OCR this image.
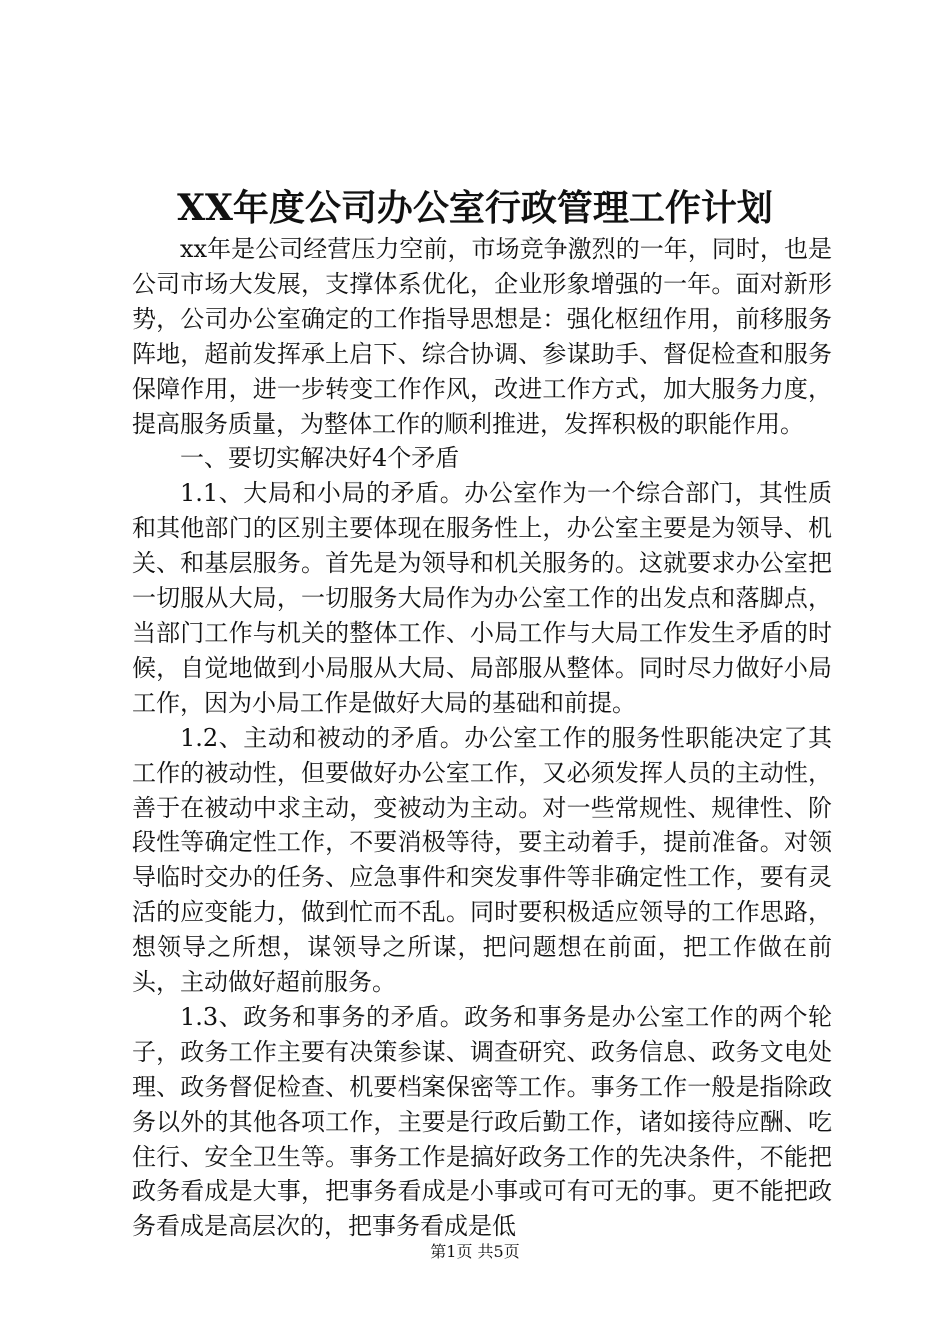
XX年度公司办公室行政管理工作计划

xx年是公司经营压力空前，市场竞争激烈的一年，同时，也是公司市场大发展，支撑体系优化，企业形象增强的一年。面对新形势，公司办公室确定的工作指导思想是：强化枢纽作用，前移服务阵地，超前发挥承上启下、综合协调、参谋助手、督促检查和服务保障作用，进一步转变工作作风，改进工作方式，加大服务力度，提高服务质量，为整体工作的顺利推进，发挥积极的职能作用。

一、要切实解决好4个矛盾

1.1、大局和小局的矛盾。办公室作为一个综合部门，其性质和其他部门的区别主要体现在服务性上，办公室主要是为领导、机关、和基层服务。首先是为领导和机关服务的。这就要求办公室把一切服从大局，一切服务大局作为办公室工作的出发点和落脚点，当部门工作与机关的整体工作、小局工作与大局工作发生矛盾的时候，自觉地做到小局服从大局、局部服从整体。同时尽力做好小局工作，因为小局工作是做好大局的基础和前提。

1.2、主动和被动的矛盾。办公室工作的服务性职能决定了其工作的被动性，但要做好办公室工作，又必须发挥人员的主动性，善于在被动中求主动，变被动为主动。对一些常规性、规律性、阶段性等确定性工作，不要消极等待，要主动着手，提前准备。对领导临时交办的任务、应急事件和突发事件等非确定性工作，要有灵活的应变能力，做到忙而不乱。同时要积极适应领导的工作思路，想领导之所想，谋领导之所谋，把问题想在前面，把工作做在前头，主动做好超前服务。

1.3、政务和事务的矛盾。政务和事务是办公室工作的两个轮子，政务工作主要有决策参谋、调查研究、政务信息、政务文电处理、政务督促检查、机要档案保密等工作。事务工作一般是指除政务以外的其他各项工作，主要是行政后勤工作，诸如接待应酬、吃住行、安全卫生等。事务工作是搞好政务工作的先决条件，不能把政务看成是大事，把事务看成是小事或可有可无的事。更不能把政务看成是高层次的，把事务看成是低

第1页 共5页
